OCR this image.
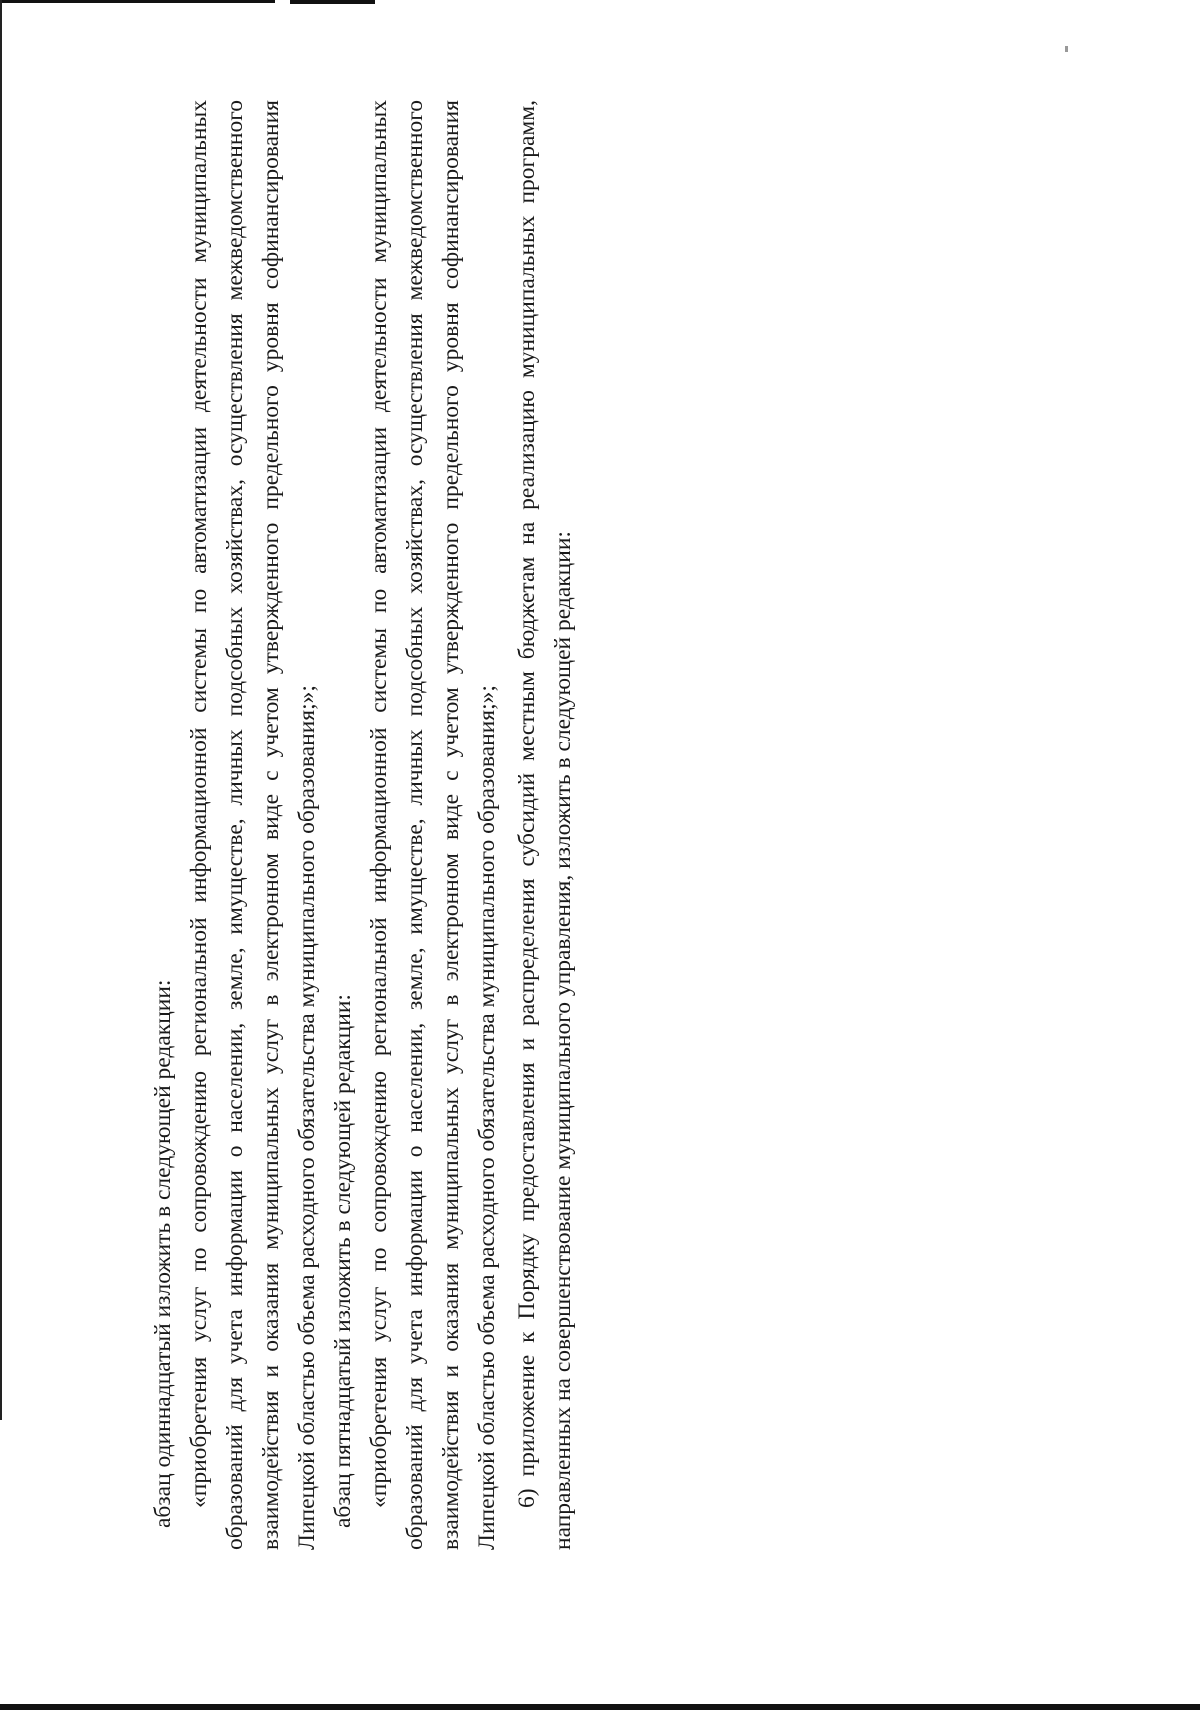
абзац одиннадцатый изложить в следующей редакции: «приобретения услуг по сопровождению региональной информационной системы по автоматизации деятельности муниципальных образований для учета информации о населении, земле, имуществе, личных подсобных хозяйствах, осуществления межведомственного взаимодействия и оказания муниципальных услуг в электронном виде с учетом утвержденного предельного уровня софинансирования Липецкой областью объема расходного обязательства муниципального образования;»; абзац пятнадцатый изложить в следующей редакции: «приобретения услуг по сопровождению региональной информационной системы по автоматизации деятельности муниципальных образований для учета информации о населении, земле, имуществе, личных подсобных хозяйствах, осуществления межведомственного взаимодействия и оказания муниципальных услуг в электронном виде с учетом утвержденного предельного уровня софинансирования Липецкой областью объема расходного обязательства муниципального образования;»; 6) приложение к Порядку предоставления и распределения субсидий местным бюджетам на реализацию муниципальных программ, направленных на совершенствование муниципального управления, изложить в следующей редакции:
